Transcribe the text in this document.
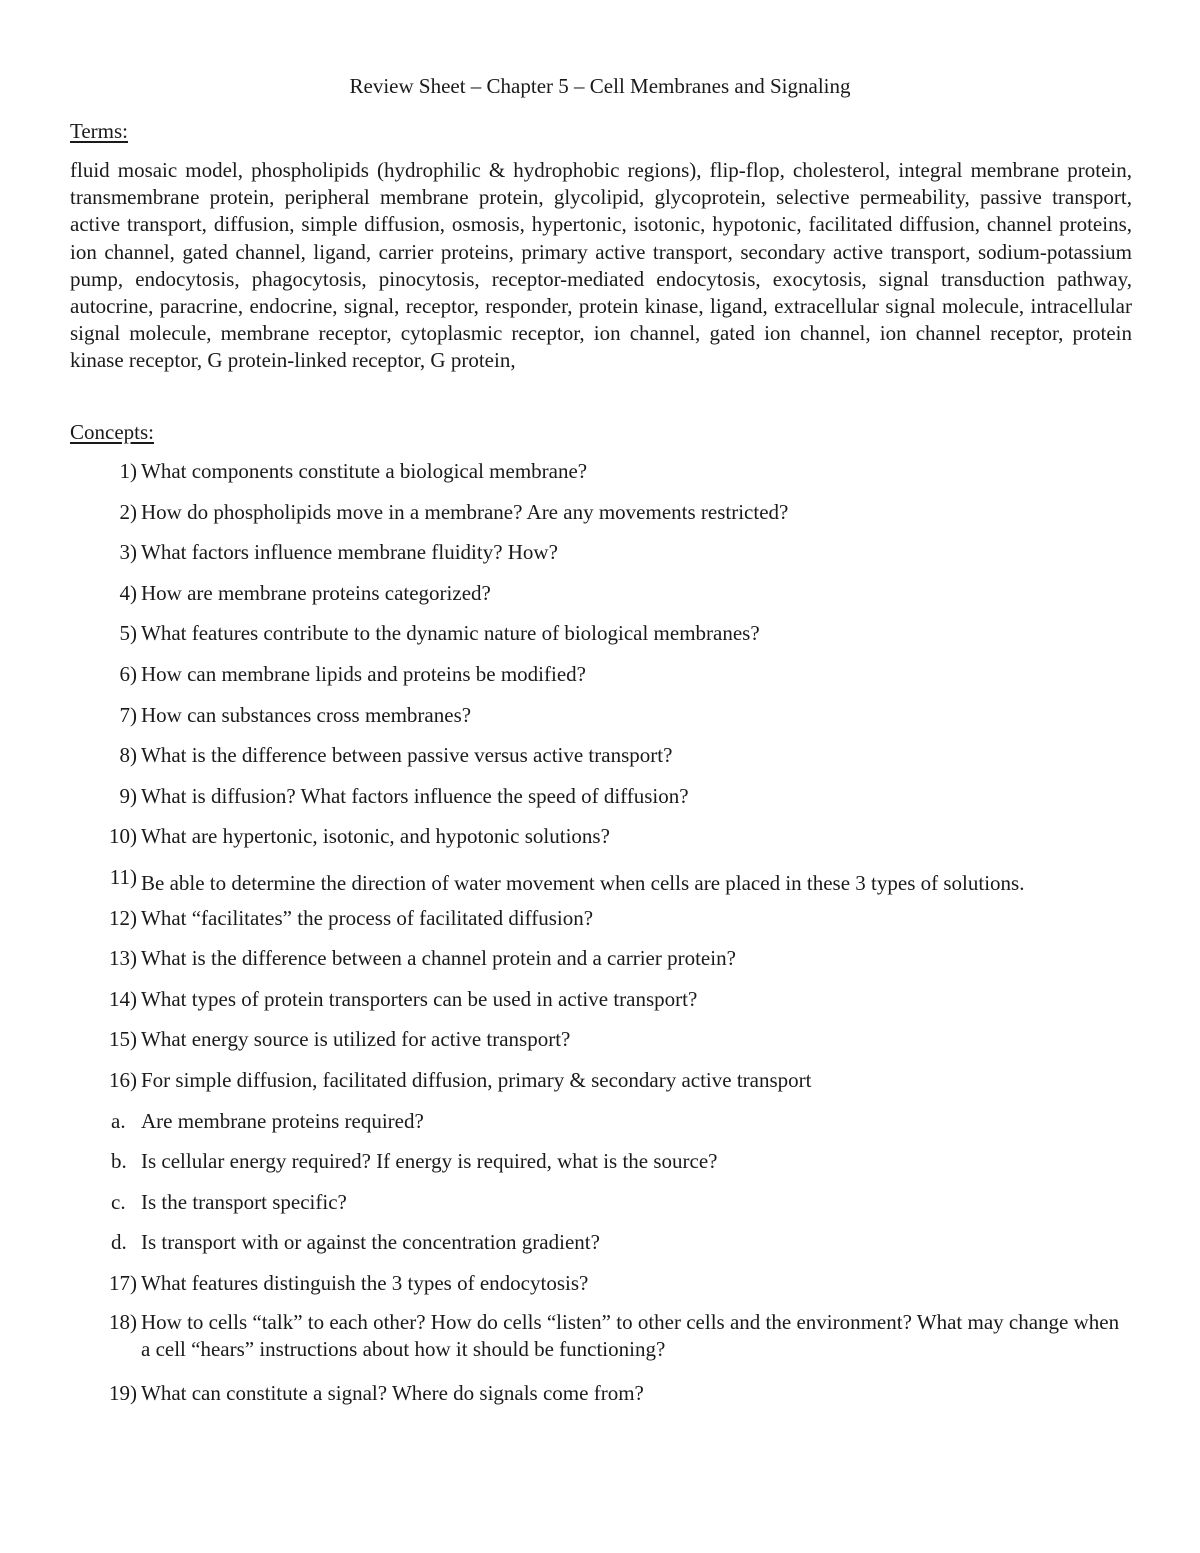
Review Sheet – Chapter 5 – Cell Membranes and Signaling
Terms:
fluid mosaic model, phospholipids (hydrophilic & hydrophobic regions), flip-flop, cholesterol, integral membrane protein, transmembrane protein, peripheral membrane protein, glycolipid, glycoprotein, selective permeability, passive transport, active transport, diffusion, simple diffusion, osmosis, hypertonic, isotonic, hypotonic, facilitated diffusion, channel proteins, ion channel, gated channel, ligand, carrier proteins, primary active transport, secondary active transport, sodium-potassium pump, endocytosis, phagocytosis, pinocytosis, receptor-mediated endocytosis, exocytosis, signal transduction pathway, autocrine, paracrine, endocrine, signal, receptor, responder, protein kinase, ligand, extracellular signal molecule, intracellular signal molecule, membrane receptor, cytoplasmic receptor, ion channel, gated ion channel, ion channel receptor, protein kinase receptor, G protein-linked receptor, G protein,
Concepts:
1) What components constitute a biological membrane?
2) How do phospholipids move in a membrane? Are any movements restricted?
3) What factors influence membrane fluidity? How?
4) How are membrane proteins categorized?
5) What features contribute to the dynamic nature of biological membranes?
6) How can membrane lipids and proteins be modified?
7) How can substances cross membranes?
8) What is the difference between passive versus active transport?
9) What is diffusion? What factors influence the speed of diffusion?
10) What are hypertonic, isotonic, and hypotonic solutions?
11) Be able to determine the direction of water movement when cells are placed in these 3 types of solutions.
12) What “facilitates” the process of facilitated diffusion?
13) What is the difference between a channel protein and a carrier protein?
14) What types of protein transporters can be used in active transport?
15) What energy source is utilized for active transport?
16) For simple diffusion, facilitated diffusion, primary & secondary active transport
a. Are membrane proteins required?
b. Is cellular energy required? If energy is required, what is the source?
c. Is the transport specific?
d. Is transport with or against the concentration gradient?
17) What features distinguish the 3 types of endocytosis?
18) How to cells “talk” to each other? How do cells “listen” to other cells and the environment? What may change when a cell “hears” instructions about how it should be functioning?
19) What can constitute a signal? Where do signals come from?
